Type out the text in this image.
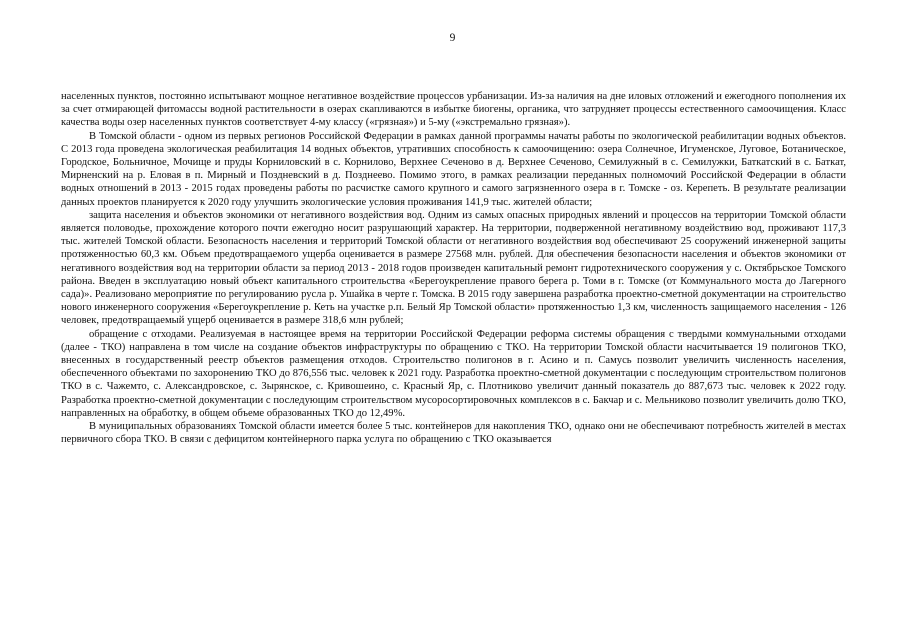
9

населенных пунктов, постоянно испытывают мощное негативное воздействие процессов урбанизации. Из-за наличия на дне иловых отложений и ежегодного пополнения их за счет отмирающей фитомассы водной растительности в озерах скапливаются в избытке биогены, органика, что затрудняет процессы естественного самоочищения. Класс качества воды озер населенных пунктов соответствует 4-му классу («грязная») и 5-му («экстремально грязная»).

В Томской области - одном из первых регионов Российской Федерации в рамках данной программы начаты работы по экологической реабилитации водных объектов. С 2013 года проведена экологическая реабилитация 14 водных объектов, утративших способность к самоочищению: озера Солнечное, Игуменское, Луговое, Ботаническое, Городское, Больничное, Мочище и пруды Корниловский в с. Корнилово, Верхнее Сеченово в д. Верхнее Сеченово, Семилужный в с. Семилужки, Баткатский в с. Баткат, Мирненский на р. Еловая в п. Мирный и Поздневский в д. Позднеево. Помимо этого, в рамках реализации переданных полномочий Российской Федерации в области водных отношений в 2013 - 2015 годах проведены работы по расчистке самого крупного и самого загрязненного озера в г. Томске - оз. Керепеть. В результате реализации данных проектов планируется к 2020 году улучшить экологические условия проживания 141,9 тыс. жителей области;

защита населения и объектов экономики от негативного воздействия вод. Одним из самых опасных природных явлений и процессов на территории Томской области является половодье, прохождение которого почти ежегодно носит разрушающий характер. На территории, подверженной негативному воздействию вод, проживают 117,3 тыс. жителей Томской области. Безопасность населения и территорий Томской области от негативного воздействия вод обеспечивают 25 сооружений инженерной защиты протяженностью 60,3 км. Объем предотвращаемого ущерба оценивается в размере 27568 млн. рублей. Для обеспечения безопасности населения и объектов экономики от негативного воздействия вод на территории области за период 2013 - 2018 годов произведен капитальный ремонт гидротехнического сооружения у с. Октябрьское Томского района. Введен в эксплуатацию новый объект капитального строительства «Берегоукрепление правого берега р. Томи в г. Томске (от Коммунального моста до Лагерного сада)». Реализовано мероприятие по регулированию русла р. Ушайка в черте г. Томска. В 2015 году завершена разработка проектно-сметной документации на строительство нового инженерного сооружения «Берегоукрепление р. Кеть на участке р.п. Белый Яр Томской области» протяженностью 1,3 км, численность защищаемого населения - 126 человек, предотвращаемый ущерб оценивается в размере 318,6 млн рублей;

обращение с отходами. Реализуемая в настоящее время на территории Российской Федерации реформа системы обращения с твердыми коммунальными отходами (далее - ТКО) направлена в том числе на создание объектов инфраструктуры по обращению с ТКО. На территории Томской области насчитывается 19 полигонов ТКО, внесенных в государственный реестр объектов размещения отходов. Строительство полигонов в г. Асино и п. Самусь позволит увеличить численность населения, обеспеченного объектами по захоронению ТКО до 876,556 тыс. человек к 2021 году. Разработка проектно-сметной документации с последующим строительством полигонов ТКО в с. Чажемто, с. Александровское, с. Зырянское, с. Кривошеино, с. Красный Яр, с. Плотниково увеличит данный показатель до 887,673 тыс. человек к 2022 году. Разработка проектно-сметной документации с последующим строительством мусоросортировочных комплексов в с. Бакчар и с. Мельниково позволит увеличить долю ТКО, направленных на обработку, в общем объеме образованных ТКО до 12,49%.

В муниципальных образованиях Томской области имеется более 5 тыс. контейнеров для накопления ТКО, однако они не обеспечивают потребность жителей в местах первичного сбора ТКО. В связи с дефицитом контейнерного парка услуга по обращению с ТКО оказывается
